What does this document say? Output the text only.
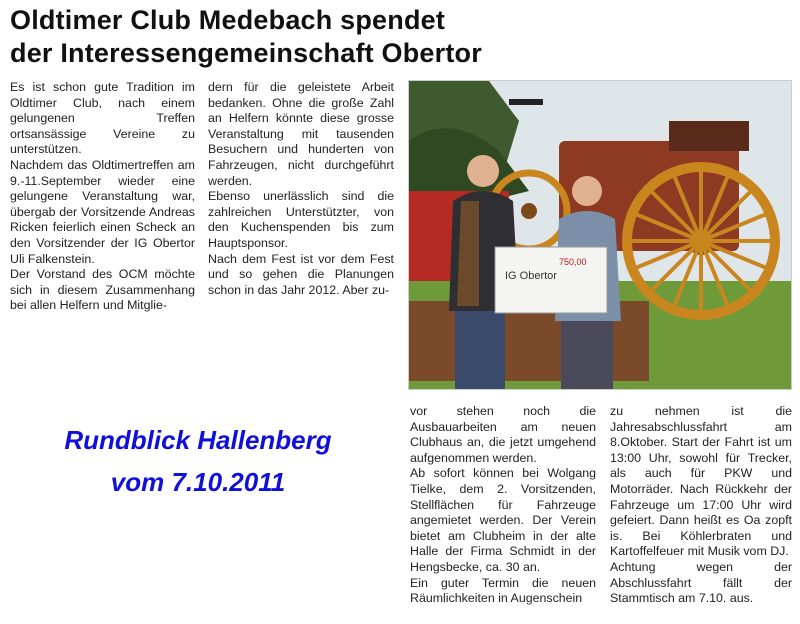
Oldtimer Club Medebach spendet
der Interessengemeinschaft Obertor

Es ist schon gute Tradition im Oldtimer Club, nach einem gelungenen Treffen ortsansässige Vereine zu unterstützen.

Nachdem das Oldtimertreffen am 9.-11.September wieder eine gelungene Veranstaltung war, übergab der Vorsitzende Andreas Ricken feierlich einen Scheck an den Vorsitzender der IG Obertor Uli Falkenstein.

Der Vorstand des OCM möchte sich in diesem Zusammenhang bei allen Helfern und Mitglie-

dern für die geleistete Arbeit bedanken. Ohne die große Zahl an Helfern könnte diese grosse Veranstaltung mit tausenden Besuchern und hunderten von Fahrzeugen, nicht durchgeführt werden.

Ebenso unerlässlich sind die zahlreichen Unterstützter, von den Kuchenspenden bis zum Hauptsponsor.

Nach dem Fest ist vor dem Fest und so gehen die Planungen schon in das Jahr 2012. Aber zu-

IG Obertor
750,00

vor stehen noch die Ausbauarbeiten am neuen Clubhaus an, die jetzt umgehend aufgenommen werden.

Ab sofort können bei Wolgang Tielke, dem 2. Vorsitzenden, Stellflächen für Fahrzeuge angemietet werden. Der Verein bietet am Clubheim in der alte Halle der Firma Schmidt in der Hengsbecke, ca. 30 an.

Ein guter Termin die neuen Räumlichkeiten in Augenschein

zu nehmen ist die Jahresabschlussfahrt am 8.Oktober. Start der Fahrt ist um 13:00 Uhr, sowohl für Trecker, als auch für PKW und Motorräder. Nach Rückkehr der Fahrzeuge um 17:00 Uhr wird gefeiert. Dann heißt es Oa zopft is. Bei Köhlerbraten und Kartoffelfeuer mit Musik vom DJ.

Achtung wegen der Abschlussfahrt fällt der Stammtisch am 7.10. aus.

Rundblick Hallenberg
vom 7.10.2011
